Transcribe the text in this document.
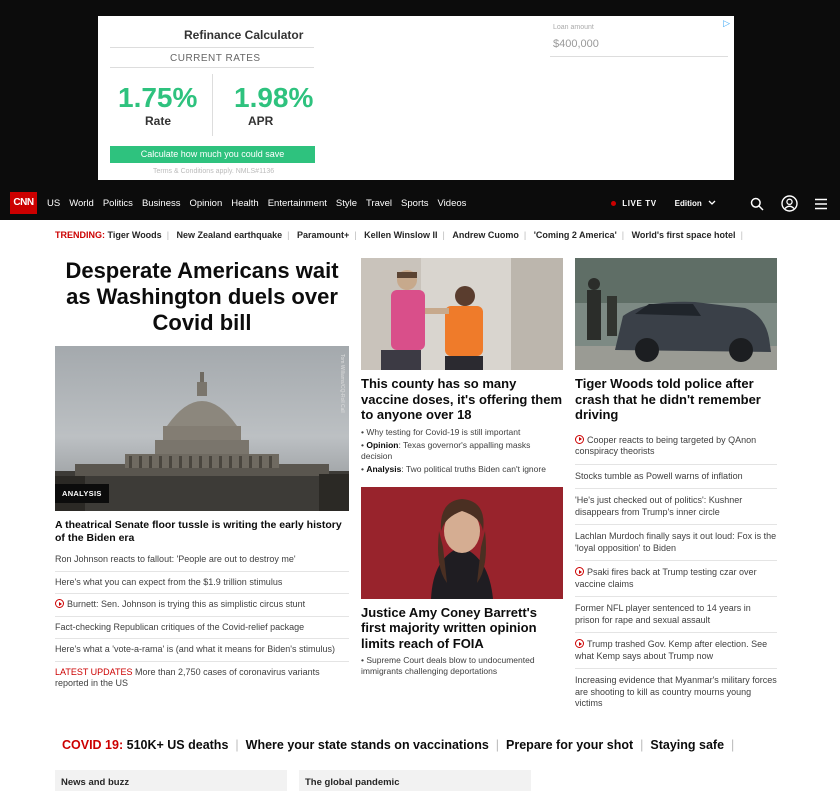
Refinance Calculator
CURRENT RATES
1.75%
Rate
1.98%
APR
Calculate how much you could save
Terms & Conditions apply. NMLS#1136
Loan amount
$400,000
▷
CNN	US World Politics Business Opinion Health Entertainment Style Travel Sports Videos	LIVE TV Edition
TRENDING: Tiger Woods | New Zealand earthquake | Paramount+ | Kellen Winslow II | Andrew Cuomo | 'Coming 2 America' | World's first space hotel |
Desperate Americans wait as Washington duels over Covid bill
Tom Williams/CQ-Roll Call
ANALYSIS
A theatrical Senate floor tussle is writing the early history of the Biden era
Ron Johnson reacts to fallout: 'People are out to destroy me'
Here's what you can expect from the $1.9 trillion stimulus
Burnett: Sen. Johnson is trying this as simplistic circus stunt
Fact-checking Republican critiques of the Covid-relief package
Here's what a 'vote-a-rama' is (and what it means for Biden's stimulus)
LATEST UPDATES More than 2,750 cases of coronavirus variants reported in the US
This county has so many vaccine doses, it's offering them to anyone over 18
• Why testing for Covid-19 is still important
• Opinion: Texas governor's appalling masks decision
• Analysis: Two political truths Biden can't ignore
Justice Amy Coney Barrett's first majority written opinion limits reach of FOIA
• Supreme Court deals blow to undocumented immigrants challenging deportations
Tiger Woods told police after crash that he didn't remember driving
Cooper reacts to being targeted by QAnon conspiracy theorists
Stocks tumble as Powell warns of inflation
'He's just checked out of politics': Kushner disappears from Trump's inner circle
Lachlan Murdoch finally says it out loud: Fox is the 'loyal opposition' to Biden
Psaki fires back at Trump testing czar over vaccine claims
Former NFL player sentenced to 14 years in prison for rape and sexual assault
Trump trashed Gov. Kemp after election. See what Kemp says about Trump now
Increasing evidence that Myanmar's military forces are shooting to kill as country mourns young victims
COVID 19: 510K+ US deaths | Where your state stands on vaccinations | Prepare for your shot | Staying safe |
News and buzz	The global pandemic
